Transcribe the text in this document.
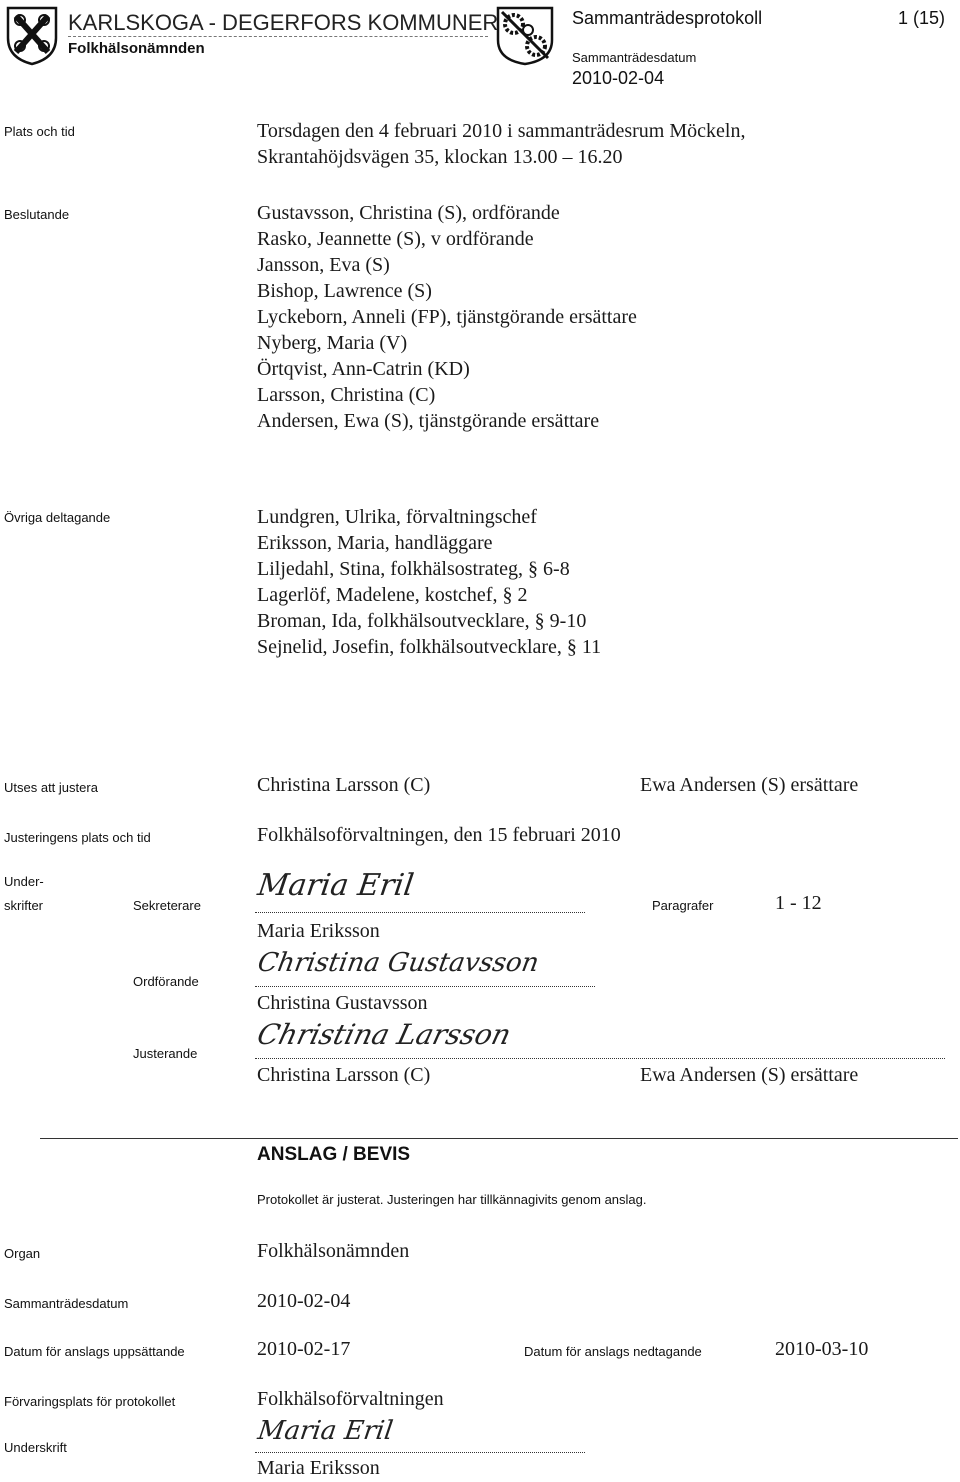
KARLSKOGA - DEGERFORS KOMMUNER
Folkhälsonämnden
Sammanträdesprotokoll	1 (15)
Sammanträdesdatum
2010-02-04
Plats och tid	Torsdagen den 4 februari 2010 i sammanträdesrum Möckeln,
Skrantahöjdsvägen 35, klockan 13.00 – 16.20
Beslutande	Gustavsson, Christina (S), ordförande
Rasko, Jeannette (S), v ordförande
Jansson, Eva (S)
Bishop, Lawrence (S)
Lyckeborn, Anneli (FP), tjänstgörande ersättare
Nyberg, Maria (V)
Örtqvist, Ann-Catrin (KD)
Larsson, Christina (C)
Andersen, Ewa (S), tjänstgörande ersättare
Övriga deltagande	Lundgren, Ulrika, förvaltningschef
Eriksson, Maria, handläggare
Liljedahl, Stina, folkhälsostrateg, § 6-8
Lagerlöf, Madelene, kostchef, § 2
Broman, Ida, folkhälsoutvecklare, § 9-10
Sejnelid, Josefin, folkhälsoutvecklare, § 11
Utses att justera	Christina Larsson (C)	Ewa Andersen (S) ersättare
Justeringens plats och tid	Folkhälsoförvaltningen, den 15 februari 2010
Under-
skrifter	Sekreterare
Maria Eril
Maria Eriksson
Paragrafer	1 - 12
Ordförande
Christina Gustavsson
Christina Gustavsson
Justerande
Christina Larsson
Christina Larsson (C)	Ewa Andersen (S) ersättare
ANSLAG / BEVIS
Protokollet är justerat. Justeringen har tillkännagivits genom anslag.
Organ	Folkhälsonämnden
Sammanträdesdatum	2010-02-04
Datum för anslags uppsättande	2010-02-17	Datum för anslags nedtagande	2010-03-10
Förvaringsplats för protokollet	Folkhälsoförvaltningen
Underskrift
Maria Eril
Maria Eriksson
